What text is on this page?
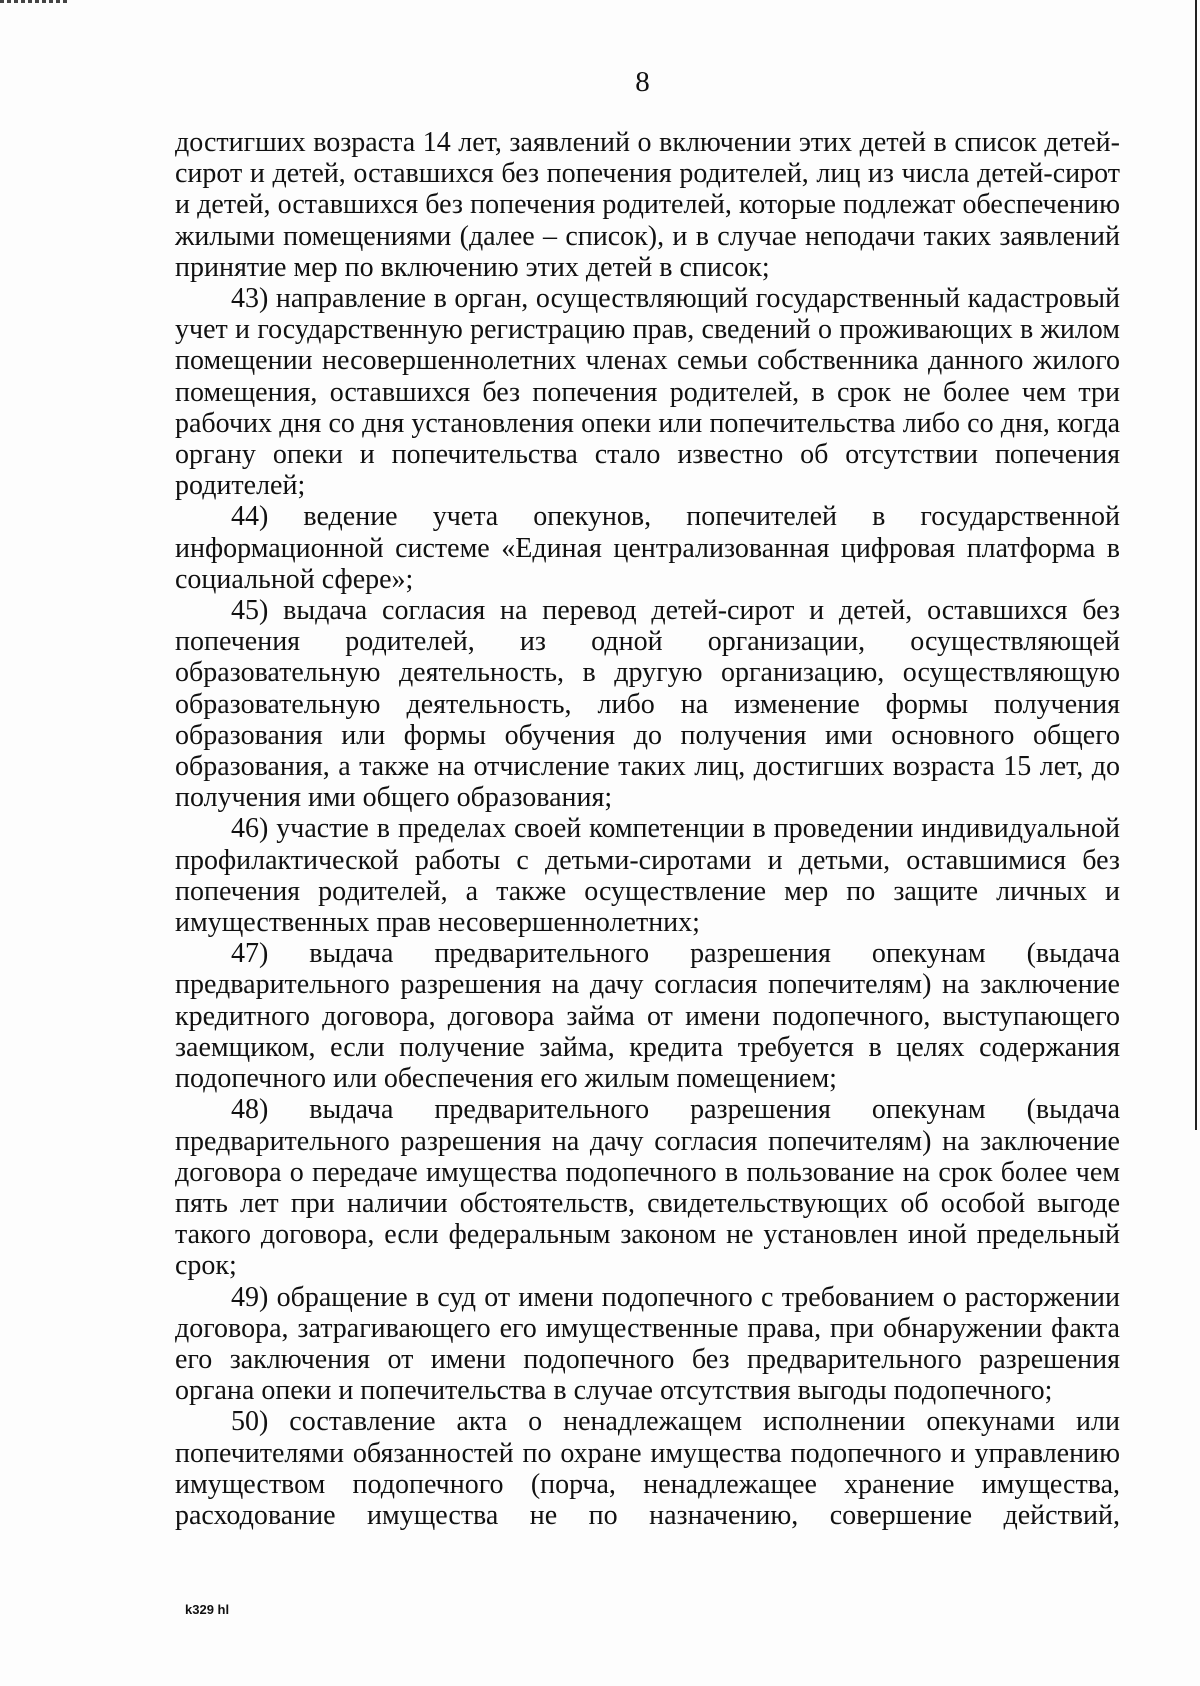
8

достигших возраста 14 лет, заявлений о включении этих детей в список детей-сирот и детей, оставшихся без попечения родителей, лиц из числа детей-сирот и детей, оставшихся без попечения родителей, которые подлежат обеспечению жилыми помещениями (далее – список), и в случае неподачи таких заявлений принятие мер по включению этих детей в список;

43) направление в орган, осуществляющий государственный кадастровый учет и государственную регистрацию прав, сведений о проживающих в жилом помещении несовершеннолетних членах семьи собственника данного жилого помещения, оставшихся без попечения родителей, в срок не более чем три рабочих дня со дня установления опеки или попечительства либо со дня, когда органу опеки и попечительства стало известно об отсутствии попечения родителей;

44) ведение учета опекунов, попечителей в государственной информационной системе «Единая централизованная цифровая платформа в социальной сфере»;

45) выдача согласия на перевод детей-сирот и детей, оставшихся без попечения родителей, из одной организации, осуществляющей образовательную деятельность, в другую организацию, осуществляющую образовательную деятельность, либо на изменение формы получения образования или формы обучения до получения ими основного общего образования, а также на отчисление таких лиц, достигших возраста 15 лет, до получения ими общего образования;

46) участие в пределах своей компетенции в проведении индивидуальной профилактической работы с детьми-сиротами и детьми, оставшимися без попечения родителей, а также осуществление мер по защите личных и имущественных прав несовершеннолетних;

47) выдача предварительного разрешения опекунам (выдача предварительного разрешения на дачу согласия попечителям) на заключение кредитного договора, договора займа от имени подопечного, выступающего заемщиком, если получение займа, кредита требуется в целях содержания подопечного или обеспечения его жилым помещением;

48) выдача предварительного разрешения опекунам (выдача предварительного разрешения на дачу согласия попечителям) на заключение договора о передаче имущества подопечного в пользование на срок более чем пять лет при наличии обстоятельств, свидетельствующих об особой выгоде такого договора, если федеральным законом не установлен иной предельный срок;

49) обращение в суд от имени подопечного с требованием о расторжении договора, затрагивающего его имущественные права, при обнаружении факта его заключения от имени подопечного без предварительного разрешения органа опеки и попечительства в случае отсутствия выгоды подопечного;

50) составление акта о ненадлежащем исполнении опекунами или попечителями обязанностей по охране имущества подопечного и управлению имуществом подопечного (порча, ненадлежащее хранение имущества, расходование имущества не по назначению, совершение действий,

k329 hl
